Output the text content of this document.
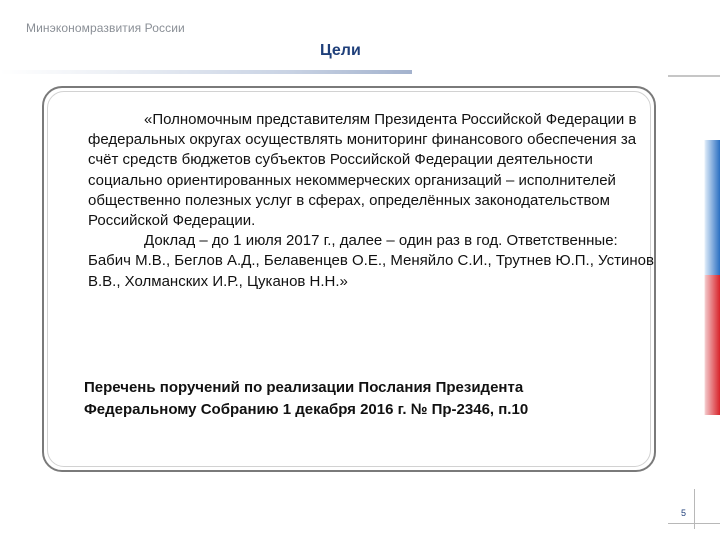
Минэкономразвития России
Цели

«Полномочным представителям Президента Российской Федерации в федеральных округах осуществлять мониторинг финансового обеспечения за счёт средств бюджетов субъектов Российской Федерации деятельности социально ориентированных некоммерческих организаций – исполнителей общественно полезных услуг в сферах, определённых законодательством Российской Федерации.

Доклад – до 1 июля 2017 г., далее – один раз в год. Ответственные: Бабич М.В., Беглов А.Д., Белавенцев О.Е., Меняйло С.И., Трутнев Ю.П., Устинов В.В., Холманских И.Р., Цуканов Н.Н.»

Перечень поручений по реализации Послания Президента
Федеральному Собранию 1 декабря 2016 г. № Пр-2346, п.10
5
